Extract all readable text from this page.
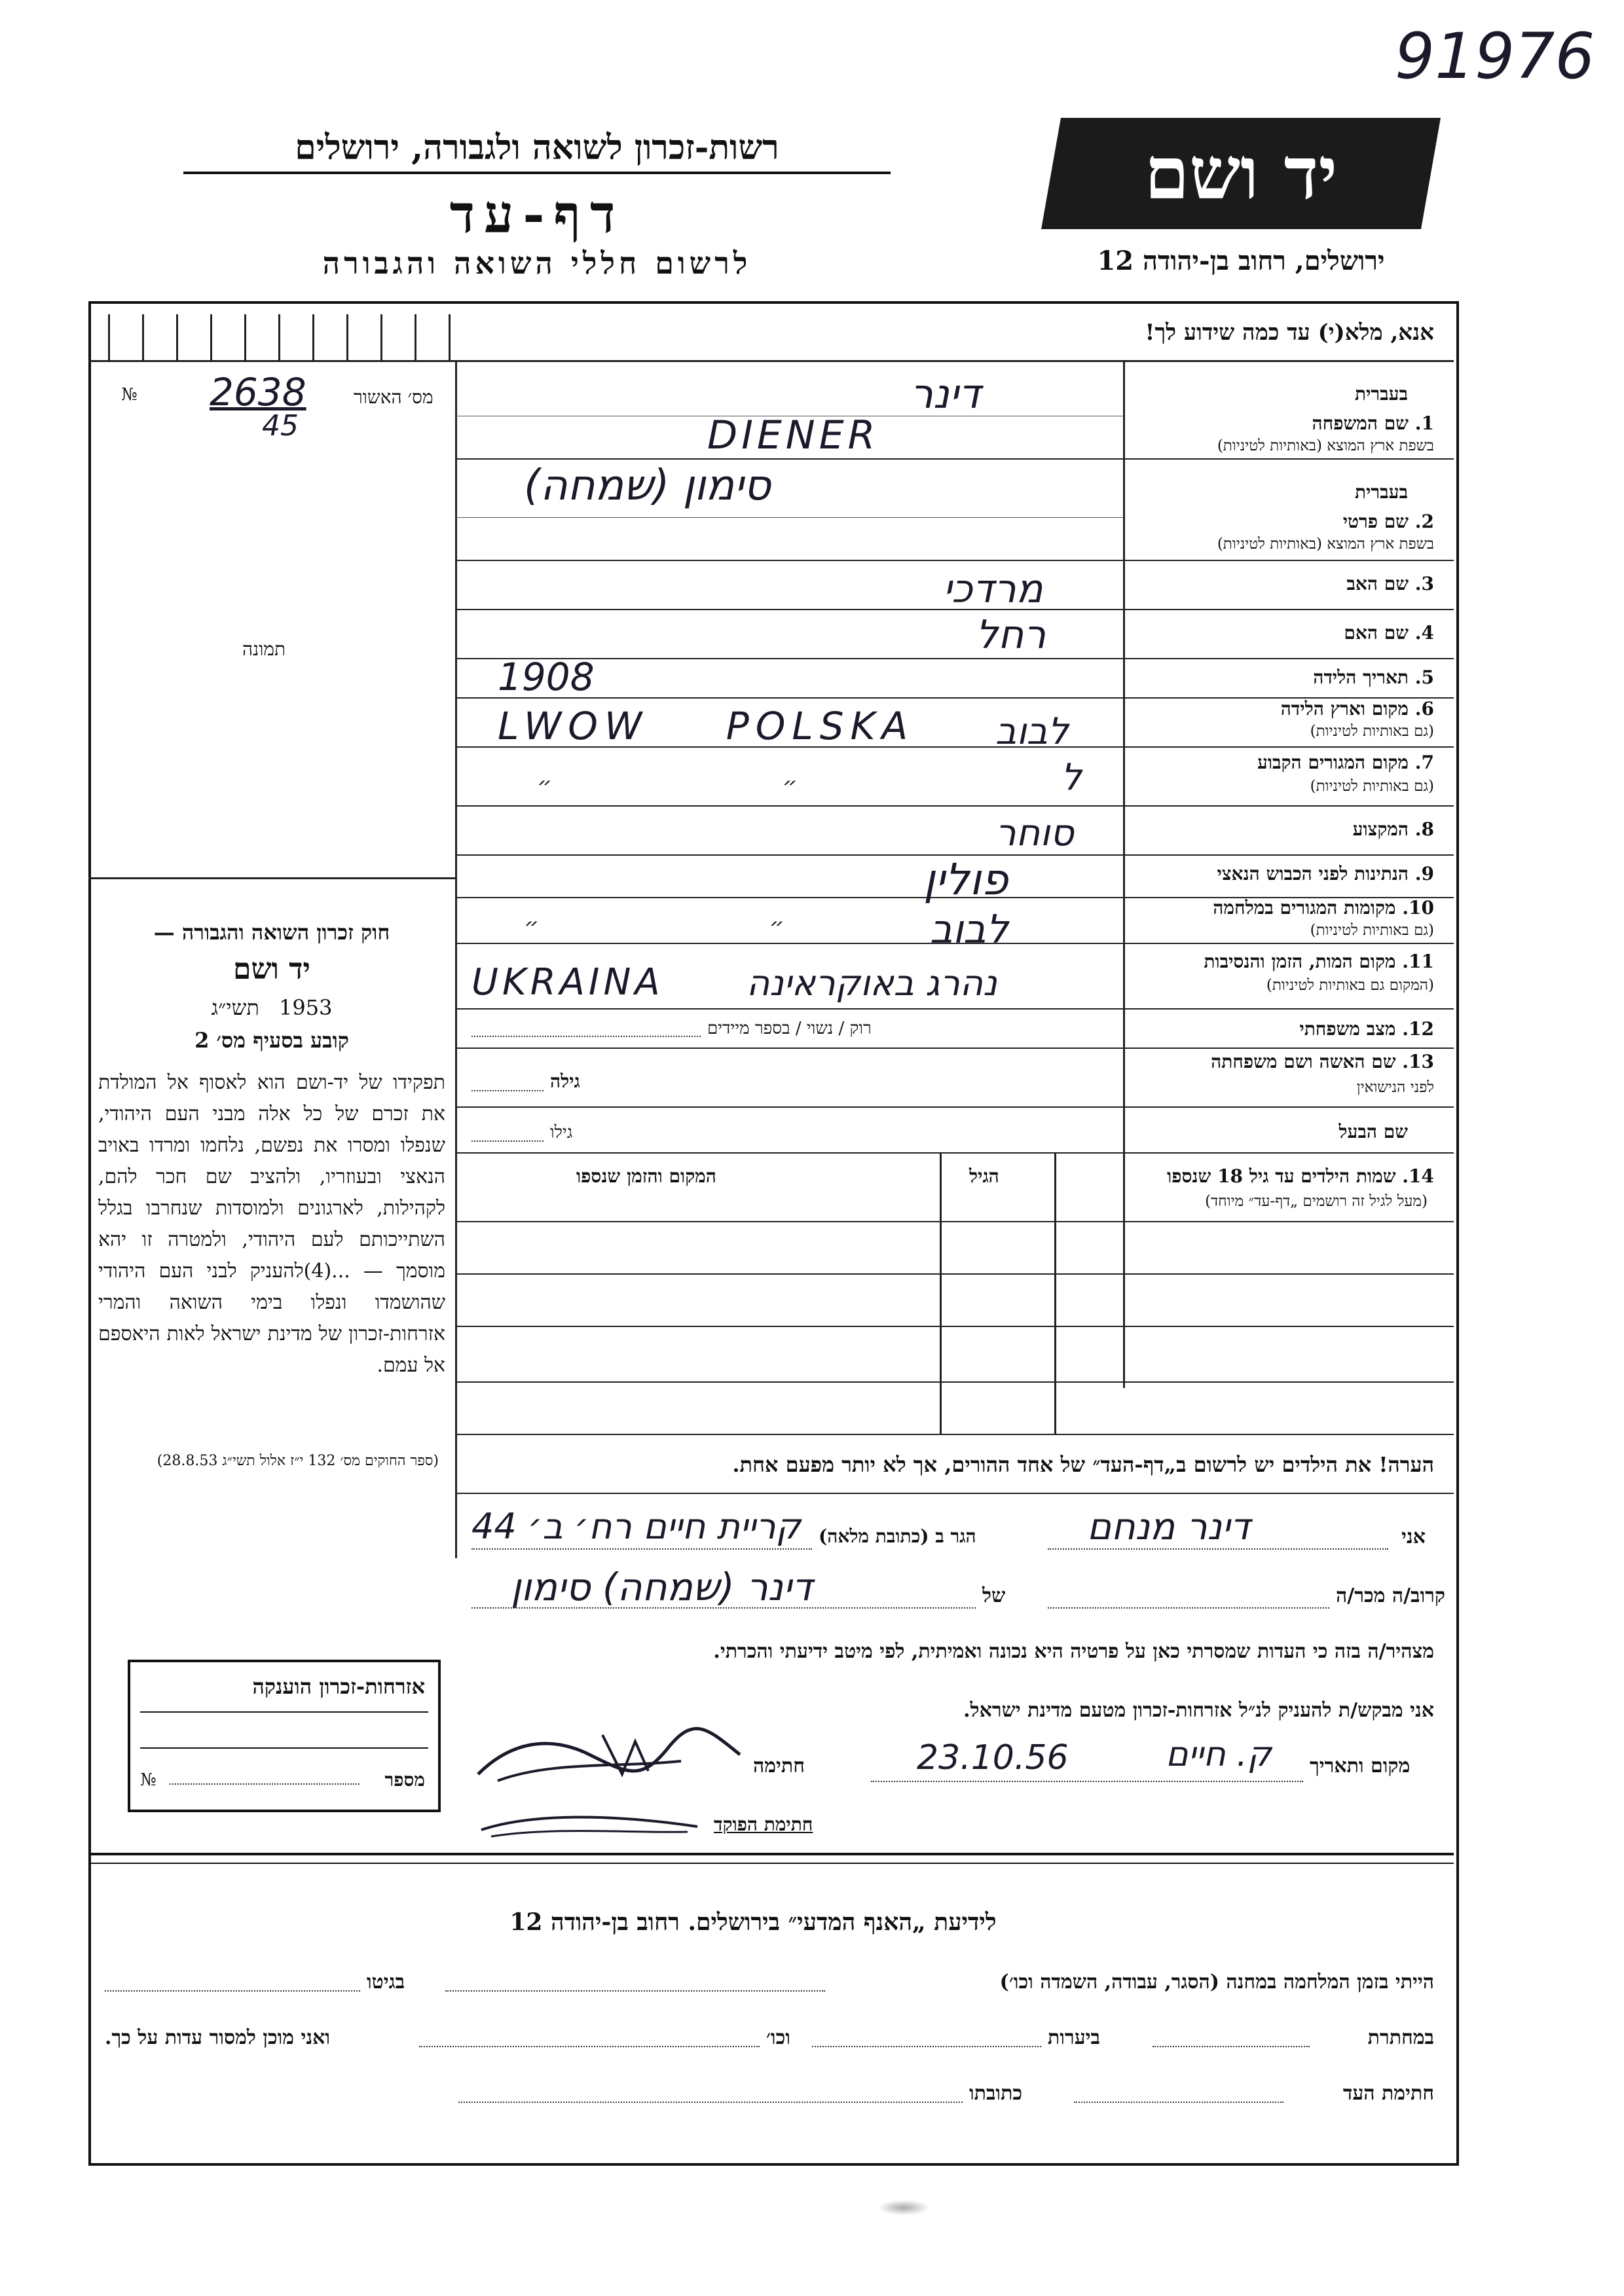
91976
רשות-זכרון לשואה ולגבורה, ירושלים
דף-עד
לרשום חללי השואה והגבורה
יד ושם
ירושלים, רחוב בן-יהודה 12
אנא, מלא(י) עד כמה שידוע לך!
מס׳ האשור
№ 2638
45
תמונה
חוק זכרון השואה והגבורה —
יד ושם
תשי״ג 1953
קובע בסעיף מס׳ 2
תפקידו של יד-ושם הוא לאסוף אל המולדת את זכרם של כל אלה מבני העם היהודי, שנפלו ומסרו את נפשם, נלחמו ומרדו באויב הנאצי ובעוזריו, ולהציב שם חכר להם, לקהילות, לארגונים ולמוסדות שנחרבו בגלל השתייכותם לעם היהודי, ולמטרה זו יהא מוסמך — ...(4)להעניק לבני העם היהודי שהושמדו ונפלו בימי השואה והמרי אזרחות-זכרון של מדינת ישראל לאות היאספם אל עמם.
(ספר החוקים מס׳ 132 י״ז אלול תשי״ג 28.8.53)
בעברית
1. שם המשפחה
בשפת ארץ המוצא (באותיות לטיניות)
בעברית
2. שם פרטי
בשפת ארץ המוצא (באותיות לטיניות)
3. שם האב
4. שם האם
5. תאריך הלידה
6. מקום וארץ הלידה
(גם באותיות לטיניות)
7. מקום המגורים הקבוע
(גם באותיות לטיניות)
8. המקצוע
9. הנתינות לפני הכבוש הנאצי
10. מקומות המגורים במלחמה
(גם באותיות לטיניות)
11. מקום המות, הזמן והנסיבות
(המקום גם באותיות לטיניות)
12. מצב משפחתי
13. שם האשה ושם משפחתה
לפני הנישואין
שם הבעל
דינר
DIENER
סימון (שמחה)
מרדכי
רחל
1908
LWOW POLSKA לבוב
ל
״ ״
סוחר
פולין
לבוב
״ ״
UKRAINA נהרג באוקראינה
רוק / נשוי / בספר מיידים
גילה
גילו
14. שמות הילדים עד גיל 18 שנספו
(מעל לגיל זה רושמים „דף-עד״ מיוחד)
הגיל
המקום והזמן שנספו
הערה! את הילדים יש לרשום ב„דף-העד״ של אחד ההורים, אך לא יותר מפעם אחת.
אני
דינר מנחם
הגר ב (כתובת מלאה)
קריית חיים רח׳ ב׳ 44
קרוב/ה מכר/ה
של
דינר (שמחה) סימון
מצהיר/ה בזה כי העדות שמסרתי כאן על פרטיה היא נכונה ואמיתית, לפי מיטב ידיעתי והכרתי.
אני מבקש/ת להעניק לנ״ל אזרחות-זכרון מטעם מדינת ישראל.
מקום ותאריך
ק. חיים
23.10.56
חתימה
חתימת הפוקד
אזרחות-זכרון הוענקה
№	מספר
לידיעת „האנף המדעי״ בירושלים. רחוב בן-יהודה 12
הייתי בזמן המלחמה במחנה (הסגר, עבודה, השמדה וכו׳)
בגיטו
במחתרת
ביערות
וכו׳
ואני מוכן למסור עדות על כך.
חתימת העד
כתובתו
